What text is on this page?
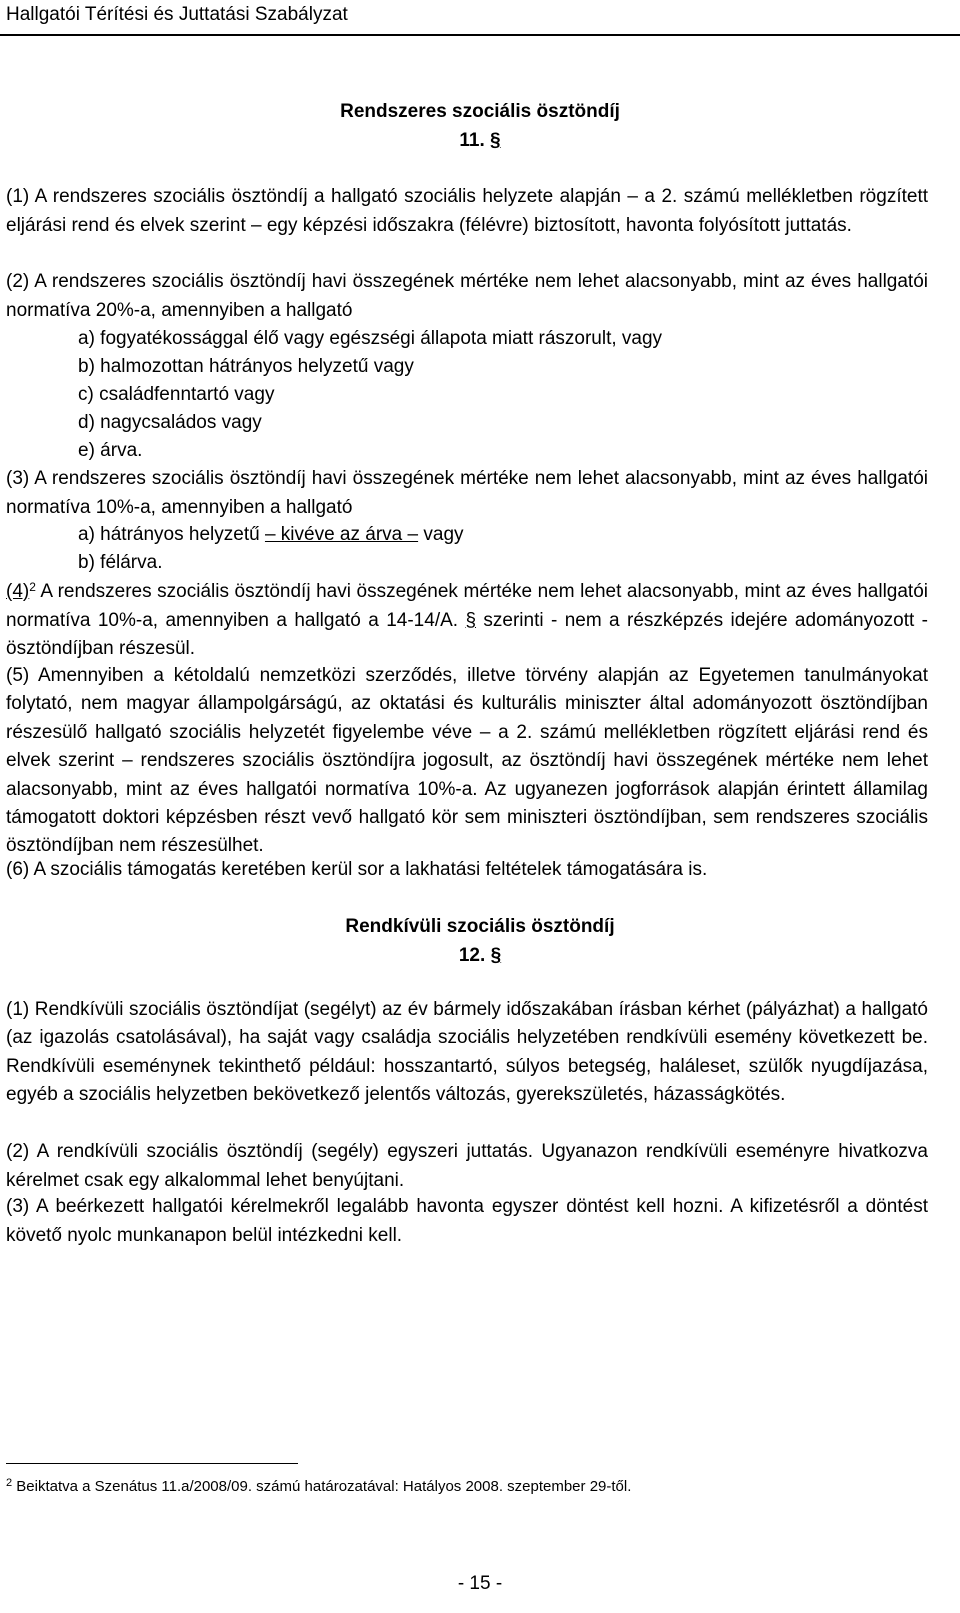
Hallgatói Térítési és Juttatási Szabályzat
Rendszeres szociális ösztöndíj
11. §
(1) A rendszeres szociális ösztöndíj a hallgató szociális helyzete alapján – a 2. számú mellékletben rögzített eljárási rend és elvek szerint – egy képzési időszakra (félévre) biztosított, havonta folyósított juttatás.
(2) A rendszeres szociális ösztöndíj havi összegének mértéke nem lehet alacsonyabb, mint az éves hallgatói normatíva 20%-a, amennyiben a hallgató
a) fogyatékossággal élő vagy egészségi állapota miatt rászorult, vagy
b) halmozottan hátrányos helyzetű vagy
c) családfenntartó vagy
d) nagycsaládos vagy
e) árva.
(3) A rendszeres szociális ösztöndíj havi összegének mértéke nem lehet alacsonyabb, mint az éves hallgatói normatíva 10%-a, amennyiben a hallgató
a) hátrányos helyzetű – kivéve az árva – vagy
b) félárva.
$(4)^2$ A rendszeres szociális ösztöndíj havi összegének mértéke nem lehet alacsonyabb, mint az éves hallgatói normatíva 10%-a, amennyiben a hallgató a 14-14/A. § szerinti - nem a részképzés idejére adományozott - ösztöndíjban részesül.
(5) Amennyiben a kétoldalú nemzetközi szerződés, illetve törvény alapján az Egyetemen tanulmányokat folytató, nem magyar állampolgárságú, az oktatási és kulturális miniszter által adományozott ösztöndíjban részesülő hallgató szociális helyzetét figyelembe véve – a 2. számú mellékletben rögzített eljárási rend és elvek szerint – rendszeres szociális ösztöndíjra jogosult, az ösztöndíj havi összegének mértéke nem lehet alacsonyabb, mint az éves hallgatói normatíva 10%-a. Az ugyanezen jogforrások alapján érintett államilag támogatott doktori képzésben részt vevő hallgató kör sem miniszteri ösztöndíjban, sem rendszeres szociális ösztöndíjban nem részesülhet.
(6) A szociális támogatás keretében kerül sor a lakhatási feltételek támogatására is.
Rendkívüli szociális ösztöndíj
12. §
(1) Rendkívüli szociális ösztöndíjat (segélyt) az év bármely időszakában írásban kérhet (pályázhat) a hallgató (az igazolás csatolásával), ha saját vagy családja szociális helyzetében rendkívüli esemény következett be. Rendkívüli eseménynek tekinthető például: hosszantartó, súlyos betegség, haláleset, szülők nyugdíjazása, egyéb a szociális helyzetben bekövetkező jelentős változás, gyerekszületés, házasságkötés.
(2) A rendkívüli szociális ösztöndíj (segély) egyszeri juttatás. Ugyanazon rendkívüli eseményre hivatkozva kérelmet csak egy alkalommal lehet benyújtani.
(3) A beérkezett hallgatói kérelmekről legalább havonta egyszer döntést kell hozni. A kifizetésről a döntést követő nyolc munkanapon belül intézkedni kell.
$^2$ Beiktatva a Szenátus 11.a/2008/09. számú határozatával: Hatályos 2008. szeptember 29-től.
- 15 -
